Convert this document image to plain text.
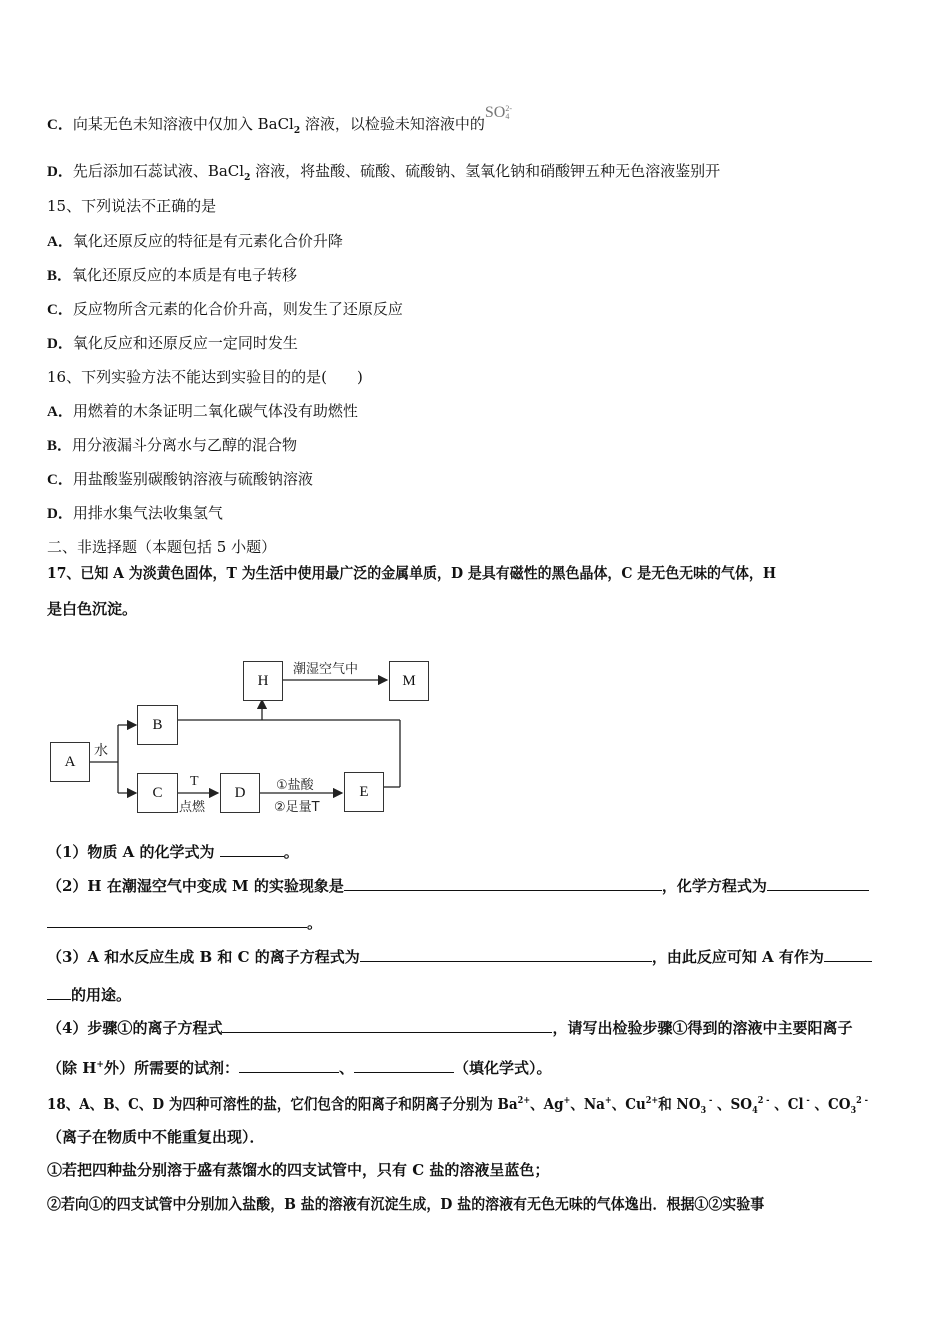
C．向某无色未知溶液中仅加入 BaCl$_2$ 溶液，以检验未知溶液中的SO 2-
4
D．先后添加石蕊试液、BaCl$_2$ 溶液，将盐酸、硫酸、硫酸钠、氢氧化钠和硝酸钾五种无色溶液鉴别开
15、下列说法不正确的是
A．氧化还原反应的特征是有元素化合价升降
B．氧化还原反应的本质是有电子转移
C．反应物所含元素的化合价升高，则发生了还原反应
D．氧化反应和还原反应一定同时发生
16、下列实验方法不能达到实验目的的是(　　)
A．用燃着的木条证明二氧化碳气体没有助燃性
B．用分液漏斗分离水与乙醇的混合物
C．用盐酸鉴别碳酸钠溶液与硫酸钠溶液
D．用排水集气法收集氢气
二、非选择题（本题包括 5 小题）
17、已知 A 为淡黄色固体，T 为生活中使用最广泛的金属单质，D 是具有磁性的黑色晶体，C 是无色无味的气体，H
是白色沉淀。
A
B
C	D	E
H	M
水
T
点燃
①盐酸
②足量T
潮湿空气中
（1）物质 A 的化学式为	。
（2）H 在潮湿空气中变成 M 的实验现象是	，化学方程式为
。
（3）A 和水反应生成 B 和 C 的离子方程式为	，由此反应可知 A 有作为
的用途。
（4）步骤①的离子方程式	，请写出检验步骤①得到的溶液中主要阳离子
（除 H+外）所需要的试剂：	、	（填化学式）。
18、A、B、C、D 为四种可溶性的盐，它们包含的阳离子和阴离子分别为 $Ba^{2+}$、Ag+、Na+、$Cu^{2+}$和 $NO_3$ - 、$SO_4^{2 -}$ 、Cl - 、$CO_3^{2 -}$
（离子在物质中不能重复出现）．
①若把四种盐分别溶于盛有蒸馏水的四支试管中，只有 C 盐的溶液呈蓝色；
②若向①的四支试管中分别加入盐酸，B 盐的溶液有沉淀生成，D 盐的溶液有无色无味的气体逸出．根据①②实验事
